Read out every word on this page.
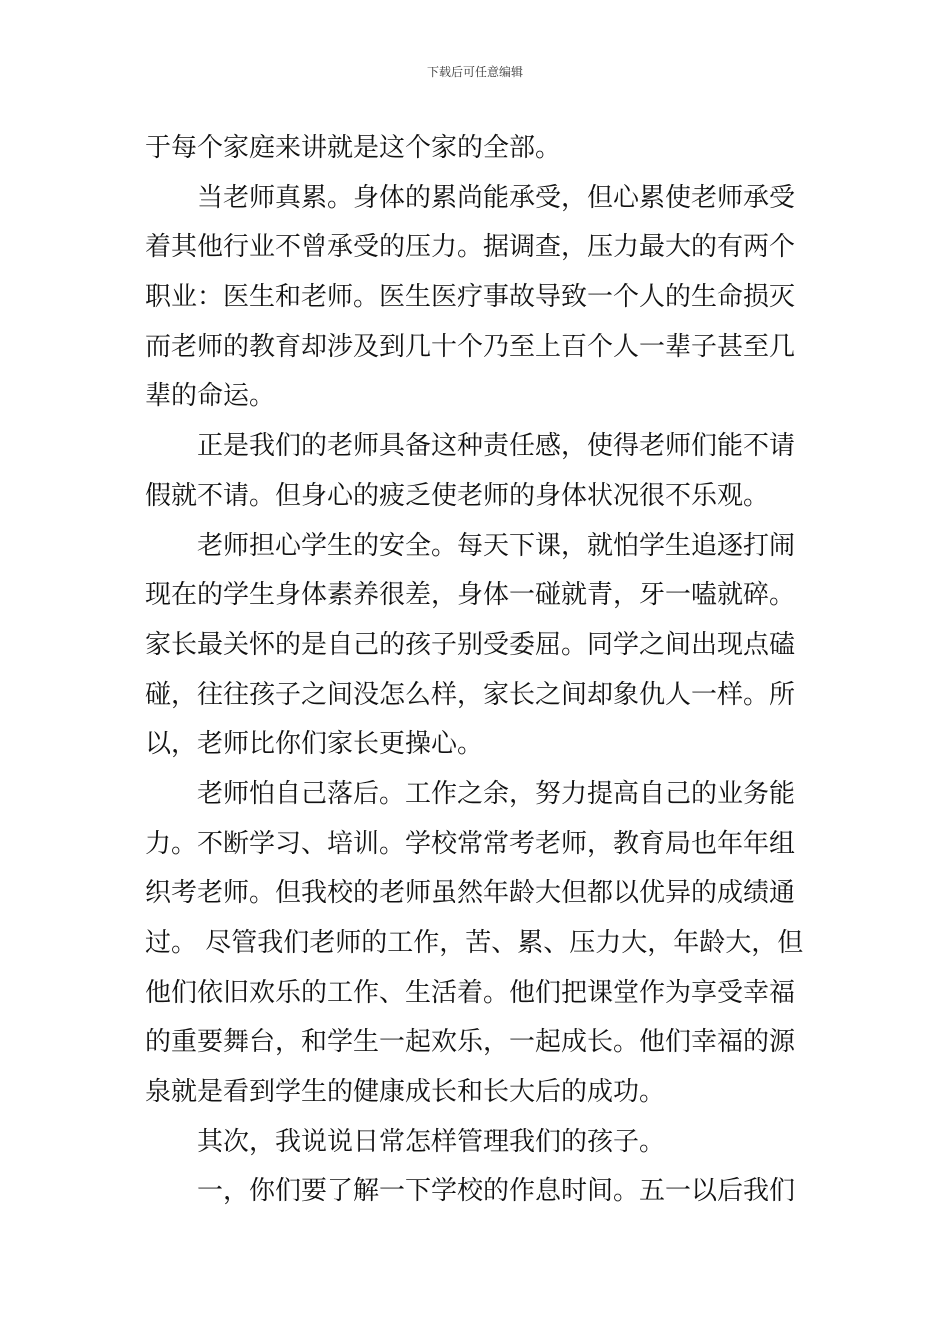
下载后可任意编辑
于每个家庭来讲就是这个家的全部。
当老师真累。身体的累尚能承受，但心累使老师承受
着其他行业不曾承受的压力。据调查，压力最大的有两个
职业：医生和老师。医生医疗事故导致一个人的生命损灭
而老师的教育却涉及到几十个乃至上百个人一辈子甚至几
辈的命运。
正是我们的老师具备这种责任感，使得老师们能不请
假就不请。但身心的疲乏使老师的身体状况很不乐观。
老师担心学生的安全。每天下课，就怕学生追逐打闹
现在的学生身体素养很差，身体一碰就青，牙一嗑就碎。
家长最关怀的是自己的孩子别受委屈。同学之间出现点磕
碰，往往孩子之间没怎么样，家长之间却象仇人一样。所
以，老师比你们家长更操心。
老师怕自己落后。工作之余，努力提高自己的业务能
力。不断学习、培训。学校常常考老师，教育局也年年组
织考老师。但我校的老师虽然年龄大但都以优异的成绩通
过。 尽管我们老师的工作，苦、累、压力大，年龄大，但
他们依旧欢乐的工作、生活着。他们把课堂作为享受幸福
的重要舞台，和学生一起欢乐，一起成长。他们幸福的源
泉就是看到学生的健康成长和长大后的成功。
其次，我说说日常怎样管理我们的孩子。
一，你们要了解一下学校的作息时间。五一以后我们
